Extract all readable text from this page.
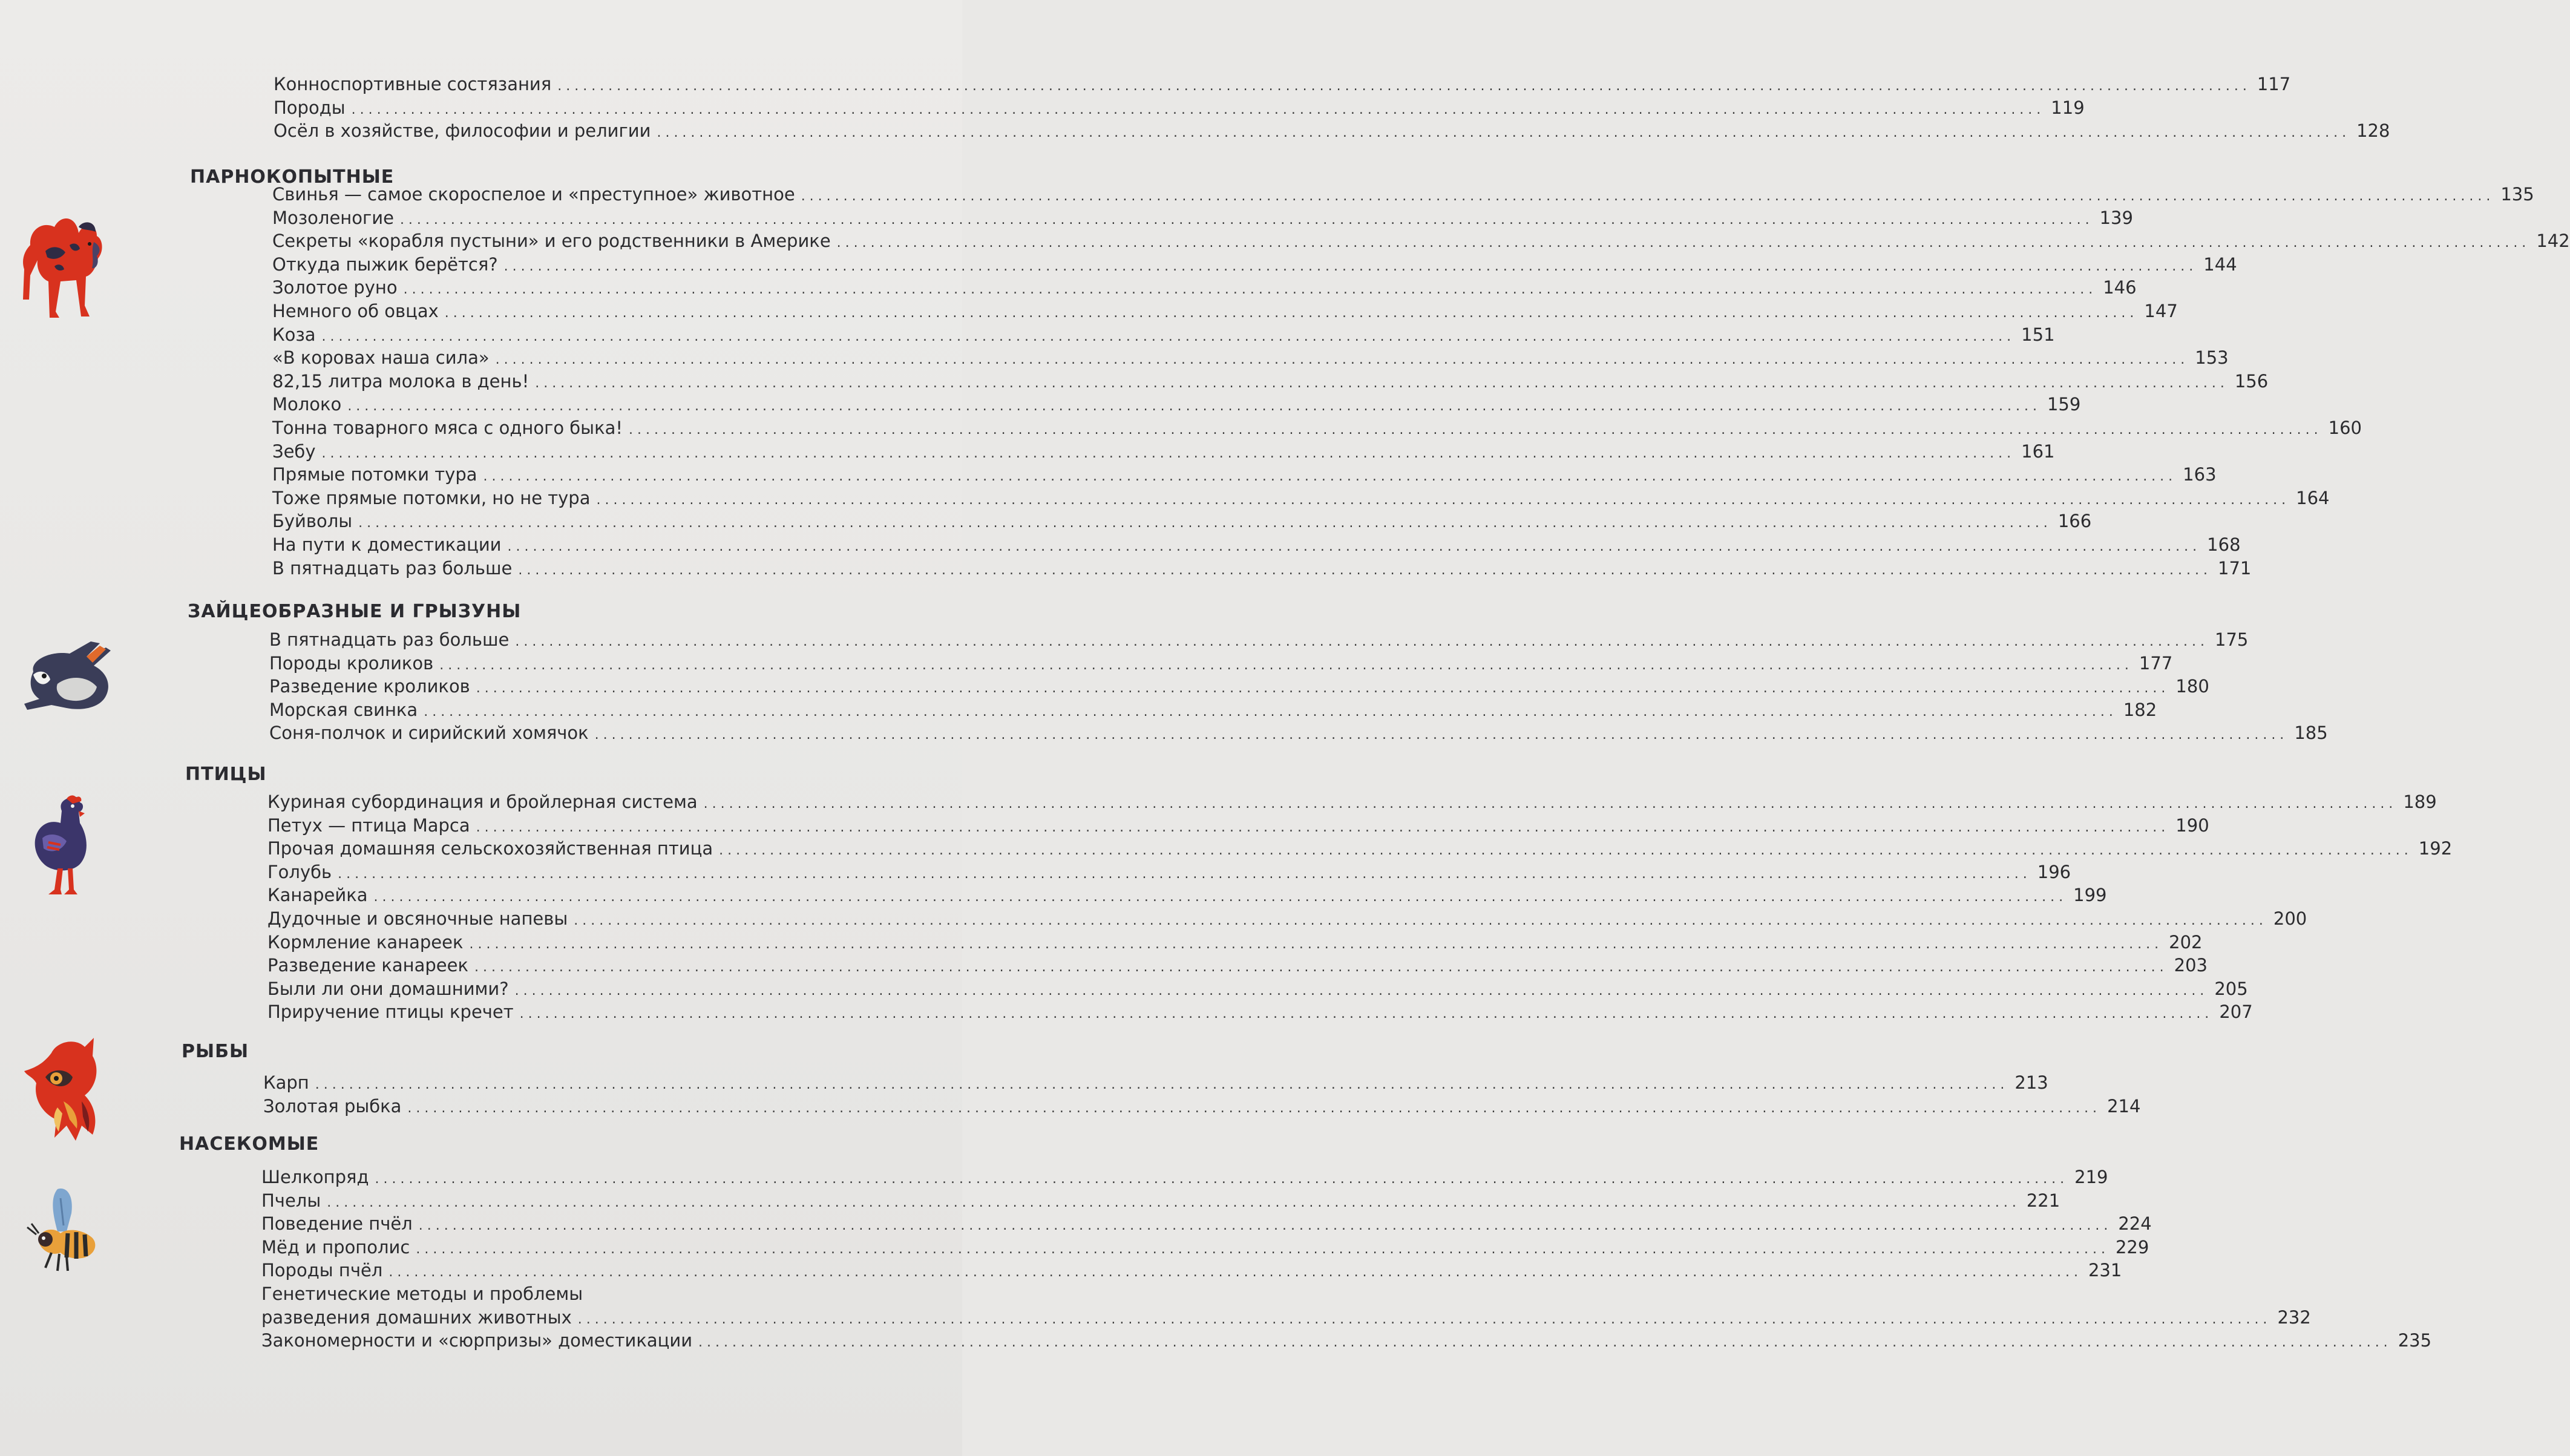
Конноспортивные состязания ........................................................................................................................................................................................................ 117
Породы ........................................................................................................................................................................................................ 119
Осёл в хозяйстве, философии и религии ........................................................................................................................................................................................................ 128
ПАРНОКОПЫТНЫЕ
Свинья — самое скороспелое и «преступное» животное ........................................................................................................................................................................................................ 135
Мозоленогие ........................................................................................................................................................................................................ 139
Секреты «корабля пустыни» и его родственники в Америке ........................................................................................................................................................................................................ 142
Откуда пыжик берётся? ........................................................................................................................................................................................................ 144
Золотое руно ........................................................................................................................................................................................................ 146
Немного об овцах ........................................................................................................................................................................................................ 147
Коза ........................................................................................................................................................................................................ 151
«В коровах наша сила» ........................................................................................................................................................................................................ 153
82,15 литра молока в день! ........................................................................................................................................................................................................ 156
Молоко ........................................................................................................................................................................................................ 159
Тонна товарного мяса с одного быка! ........................................................................................................................................................................................................ 160
Зебу ........................................................................................................................................................................................................ 161
Прямые потомки тура ........................................................................................................................................................................................................ 163
Тоже прямые потомки, но не тура ........................................................................................................................................................................................................ 164
Буйволы ........................................................................................................................................................................................................ 166
На пути к доместикации ........................................................................................................................................................................................................ 168
В пятнадцать раз больше ........................................................................................................................................................................................................ 171
ЗАЙЦЕОБРАЗНЫЕ И ГРЫЗУНЫ
В пятнадцать раз больше ........................................................................................................................................................................................................ 175
Породы кроликов ........................................................................................................................................................................................................ 177
Разведение кроликов ........................................................................................................................................................................................................ 180
Морская свинка ........................................................................................................................................................................................................ 182
Соня-полчок и сирийский хомячок ........................................................................................................................................................................................................ 185
ПТИЦЫ
Куриная субординация и бройлерная система ........................................................................................................................................................................................................ 189
Петух — птица Марса ........................................................................................................................................................................................................ 190
Прочая домашняя сельскохозяйственная птица ........................................................................................................................................................................................................ 192
Голубь ........................................................................................................................................................................................................ 196
Канарейка ........................................................................................................................................................................................................ 199
Дудочные и овсяночные напевы ........................................................................................................................................................................................................ 200
Кормление канареек ........................................................................................................................................................................................................ 202
Разведение канареек ........................................................................................................................................................................................................ 203
Были ли они домашними? ........................................................................................................................................................................................................ 205
Приручение птицы кречет ........................................................................................................................................................................................................ 207
РЫБЫ
Карп ........................................................................................................................................................................................................ 213
Золотая рыбка ........................................................................................................................................................................................................ 214
НАСЕКОМЫЕ
Шелкопряд ........................................................................................................................................................................................................ 219
Пчелы ........................................................................................................................................................................................................ 221
Поведение пчёл ........................................................................................................................................................................................................ 224
Мёд и прополис ........................................................................................................................................................................................................ 229
Породы пчёл ........................................................................................................................................................................................................ 231
Генетические методы и проблемы
разведения домашних животных ........................................................................................................................................................................................................ 232
Закономерности и «сюрпризы» доместикации ........................................................................................................................................................................................................ 235
